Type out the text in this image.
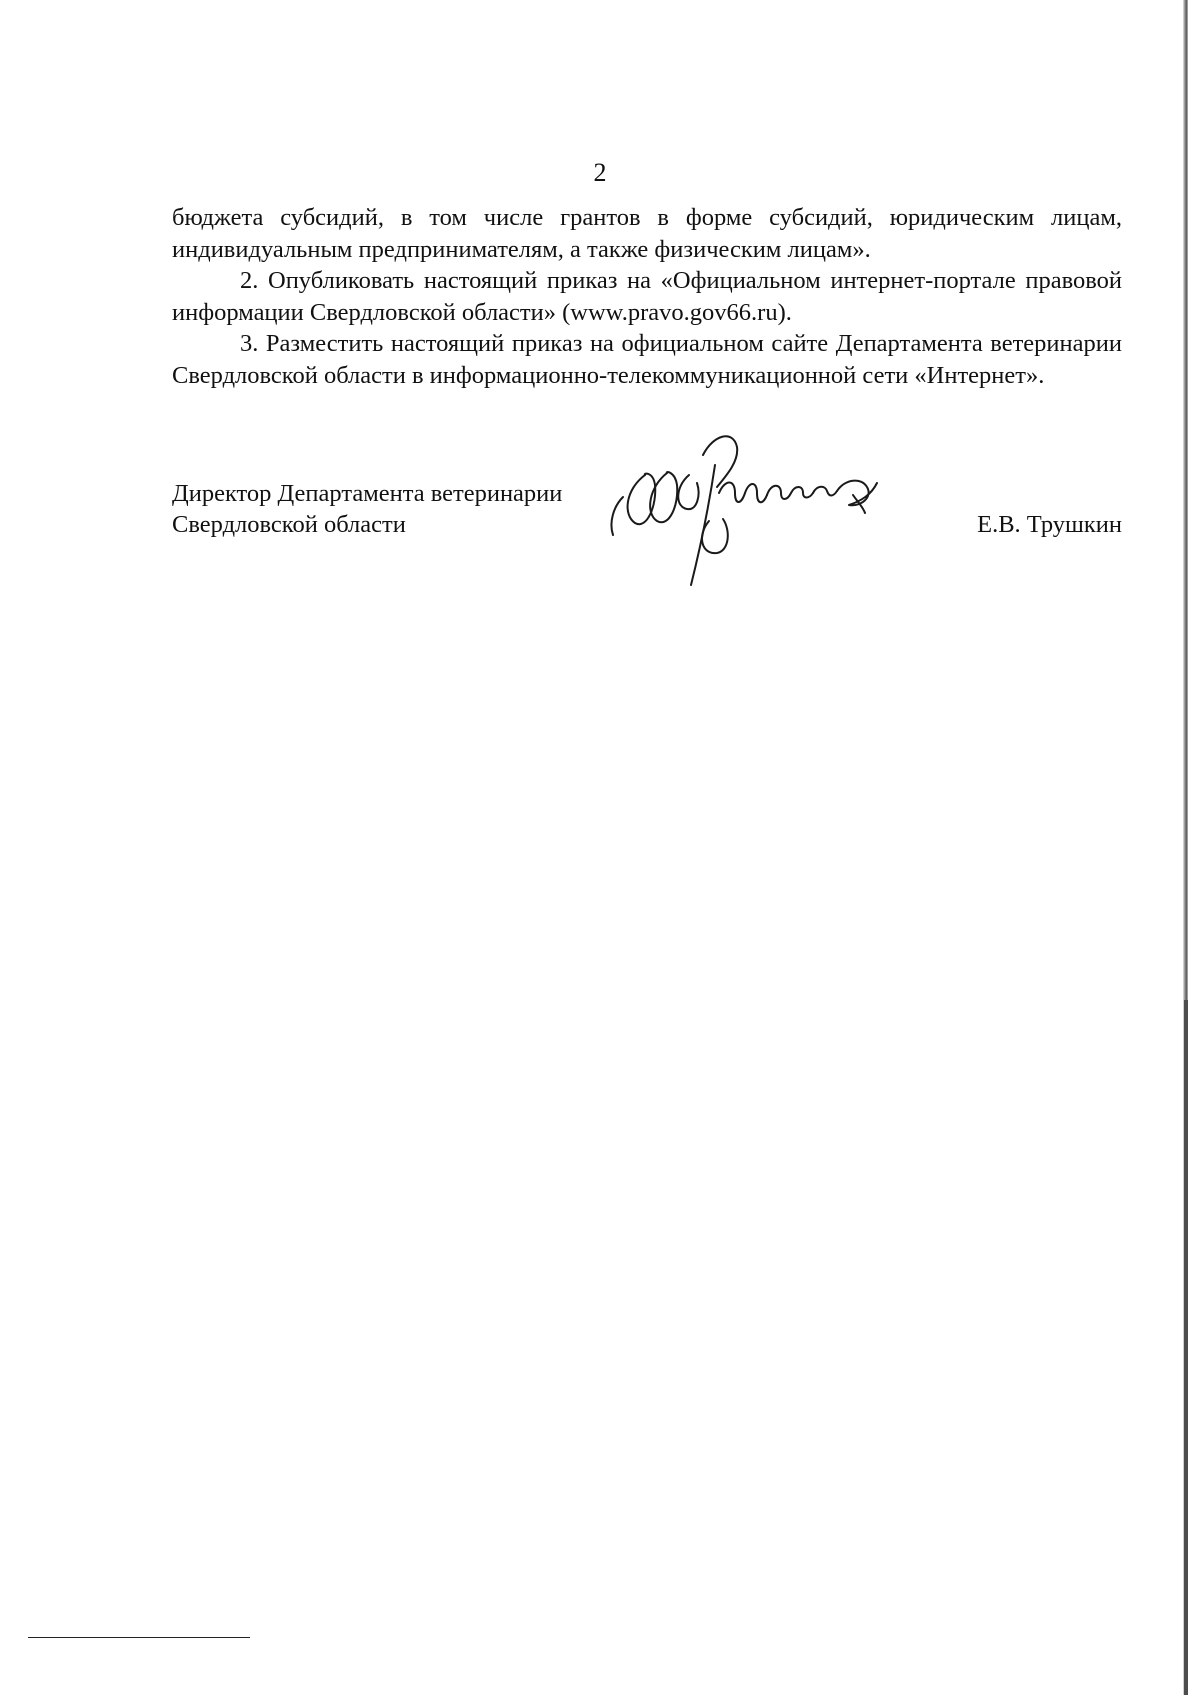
2

бюджета субсидий, в том числе грантов в форме субсидий, юридическим лицам, индивидуальным предпринимателям, а также физическим лицам».

2. Опубликовать настоящий приказ на «Официальном интернет-портале правовой информации Свердловской области» (www.pravo.gov66.ru).

3. Разместить настоящий приказ на официальном сайте Департамента ветеринарии Свердловской области в информационно-телекоммуникационной сети «Интернет».

Директор Департамента ветеринарии
Свердловской области	Е.В. Трушкин
